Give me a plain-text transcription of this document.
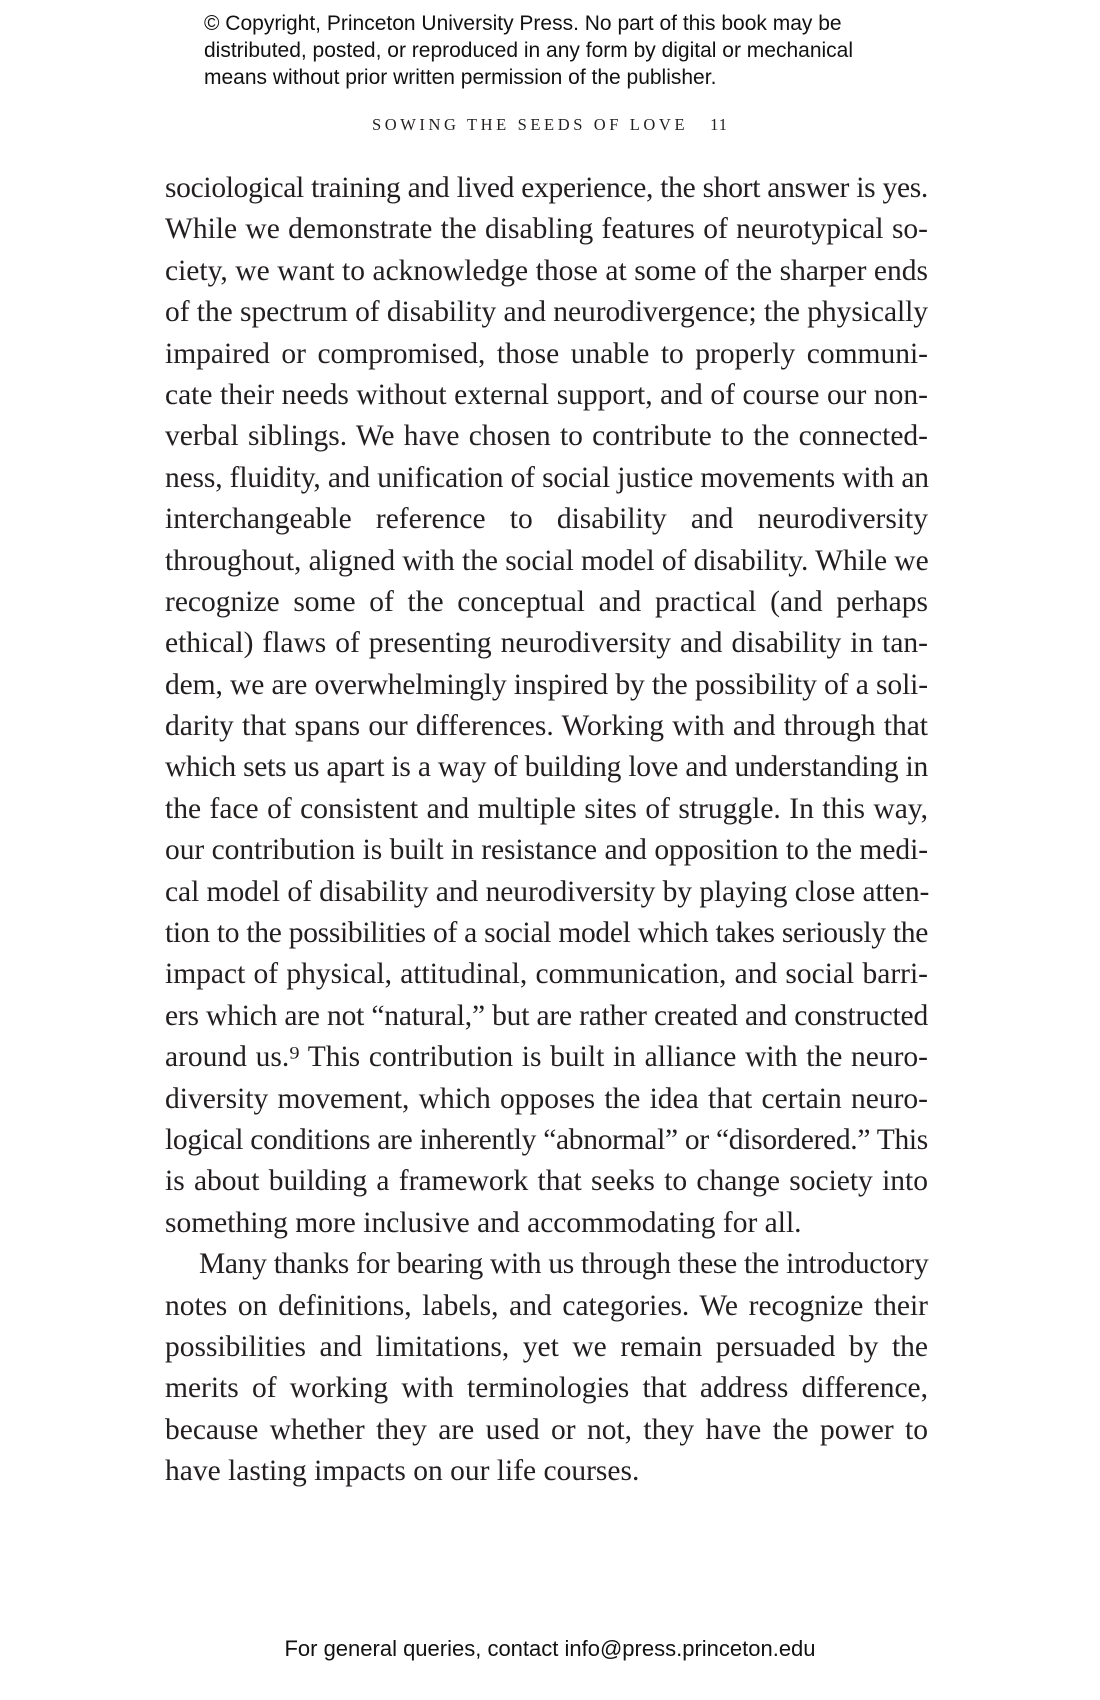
© Copyright, Princeton University Press. No part of this book may be
distributed, posted, or reproduced in any form by digital or mechanical
means without prior written permission of the publisher.
SOWING THE SEEDS OF LOVE 11
sociological training and lived experience, the short answer is yes.
While we demonstrate the disabling features of neurotypical so-
ciety, we want to acknowledge those at some of the sharper ends
of the spectrum of disability and neurodivergence; the physically
impaired or compromised, those unable to properly communi-
cate their needs without external support, and of course our non-
verbal siblings. We have chosen to contribute to the connected-
ness, fluidity, and unification of social justice movements with an
interchangeable reference to disability and neurodiversity
throughout, aligned with the social model of disability. While we
recognize some of the conceptual and practical (and perhaps
ethical) flaws of presenting neurodiversity and disability in tan-
dem, we are overwhelmingly inspired by the possibility of a soli-
darity that spans our differences. Working with and through that
which sets us apart is a way of building love and understanding in
the face of consistent and multiple sites of struggle. In this way,
our contribution is built in resistance and opposition to the medi-
cal model of disability and neurodiversity by playing close atten-
tion to the possibilities of a social model which takes seriously the
impact of physical, attitudinal, communication, and social barri-
ers which are not “natural,” but are rather created and constructed
around us.⁹ This contribution is built in alliance with the neuro-
diversity movement, which opposes the idea that certain neuro-
logical conditions are inherently “abnormal” or “disordered.” This
is about building a framework that seeks to change society into
something more inclusive and accommodating for all.
Many thanks for bearing with us through these the introductory
notes on definitions, labels, and categories. We recognize their
possibilities and limitations, yet we remain persuaded by the
merits of working with terminologies that address difference,
because whether they are used or not, they have the power to
have lasting impacts on our life courses.
For general queries, contact info@press.princeton.edu
